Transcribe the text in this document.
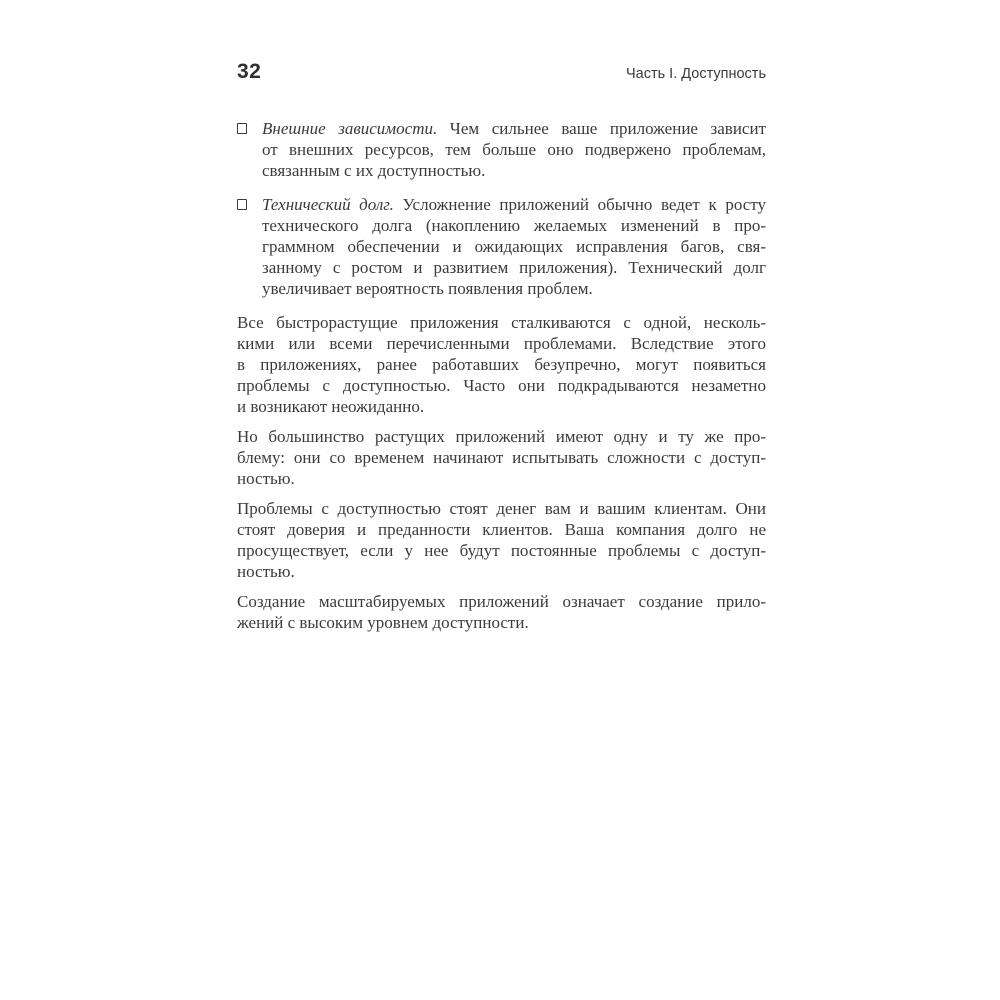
32	Часть I. Доступность
Внешние зависимости. Чем сильнее ваше приложение зависит
от внешних ресурсов, тем больше оно подвержено проблемам,
связанным с их доступностью.
Технический долг. Усложнение приложений обычно ведет к росту
технического долга (накоплению желаемых изменений в про-
граммном обеспечении и ожидающих исправления багов, свя-
занному с ростом и развитием приложения). Технический долг
увеличивает вероятность появления проблем.

Все быстрорастущие приложения сталкиваются с одной, несколь-
кими или всеми перечисленными проблемами. Вследствие этого
в приложениях, ранее работавших безупречно, могут появиться
проблемы с доступностью. Часто они подкрадываются незаметно
и возникают неожиданно.

Но большинство растущих приложений имеют одну и ту же про-
блему: они со временем начинают испытывать сложности с доступ-
ностью.

Проблемы с доступностью стоят денег вам и вашим клиентам. Они
стоят доверия и преданности клиентов. Ваша компания долго не
просуществует, если у нее будут постоянные проблемы с доступ-
ностью.

Создание масштабируемых приложений означает создание прило-
жений с высоким уровнем доступности.
